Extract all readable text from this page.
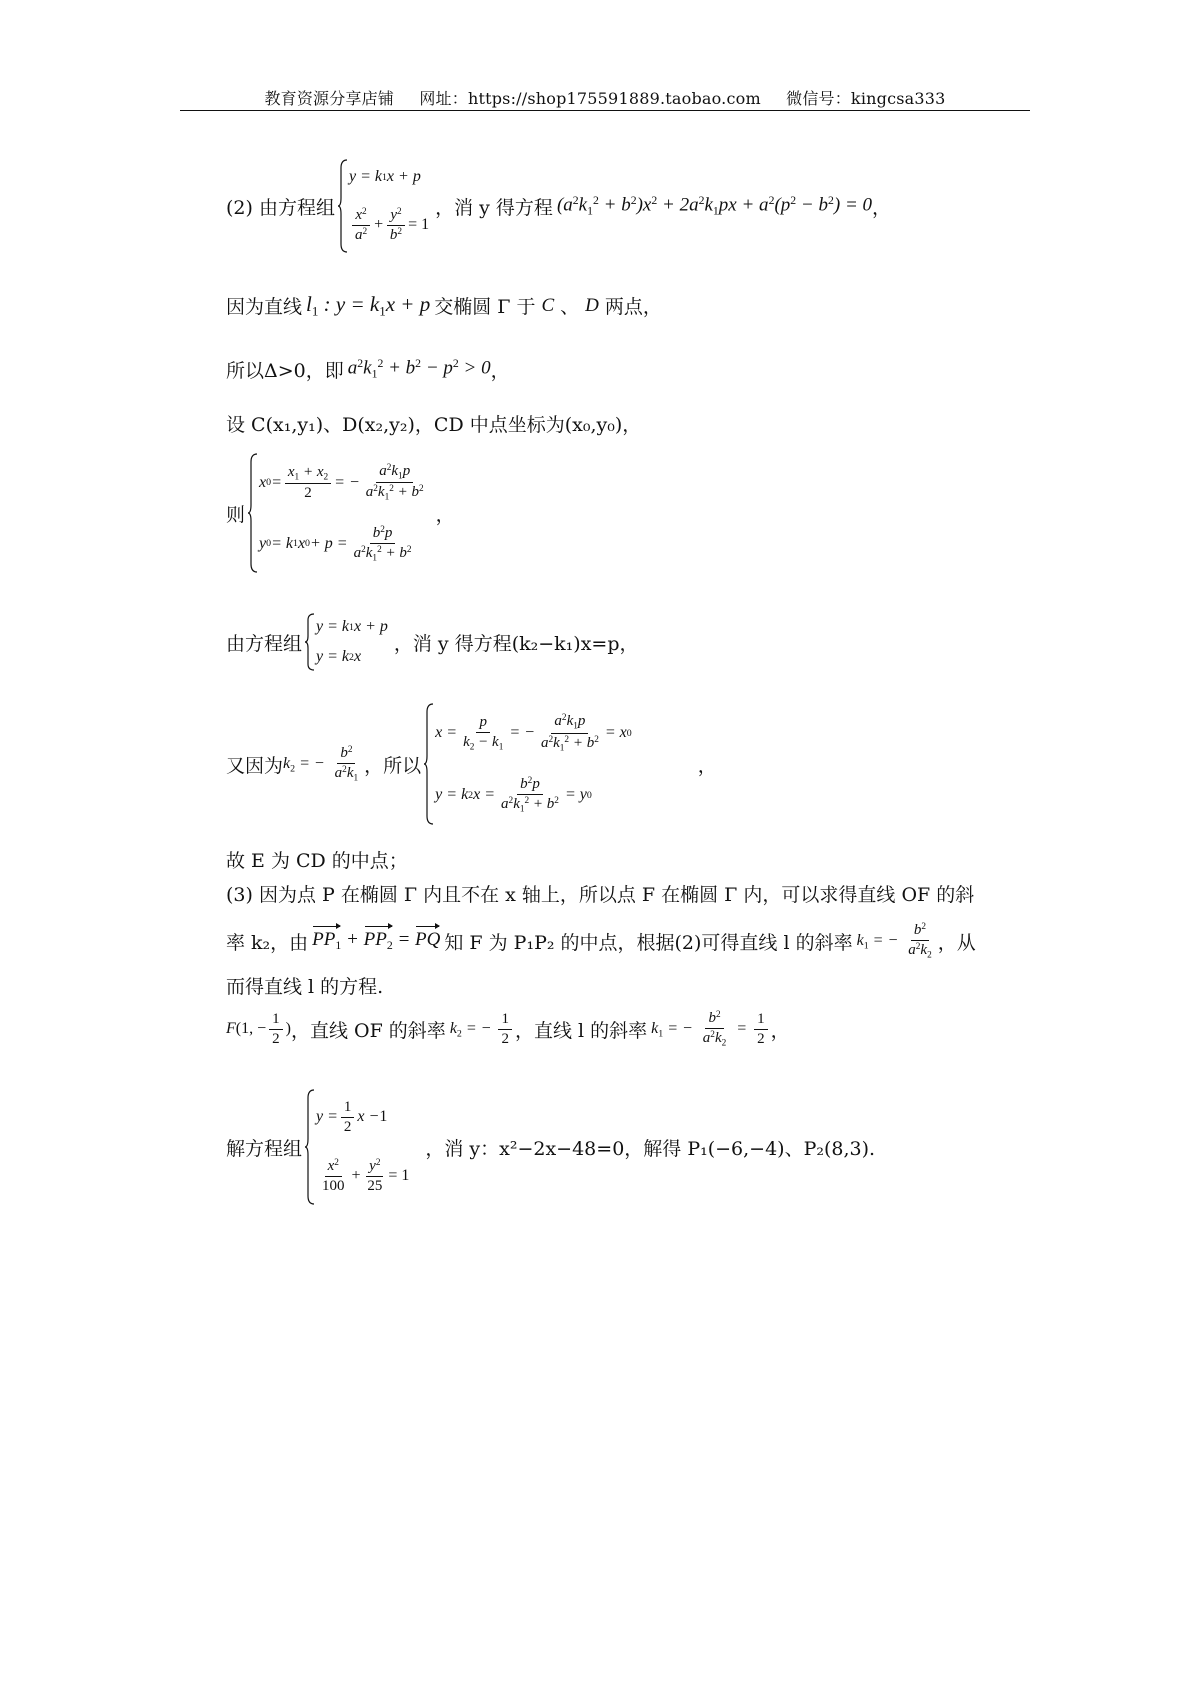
教育资源分享店铺 网址：https://shop175591889.taobao.com 微信号：kingcsa333
(2) 由方程组
y = k 1 x + p
$\frac{x^2}{a^2} + \frac{y^2}{b^2} = 1$
，消 y 得方程 $(a^2k_1^2 + b^2)x^2 + 2a^2k_1px + a^2(p^2 - b^2) = 0$ ，
因为直线 $l_1$ : $y = k_1x + p$ 交椭圆 Γ 于 C 、 D 两点，
所以Δ>0，即 $a^2k_1^2 + b^2 - p^2 > 0$ ，
设 C(x₁,y₁)、D(x₂,y₂)，CD 中点坐标为(x₀,y₀)，
则
x $0 = \frac{x_1 + x_2}{2}$ = − $\frac{a^2k_1p}{a^2k_1^2 + b^2}$
y 0 = k 1 x $0 + p = \frac{b^2p}{a^2k_1^2 + b^2}$
，
由方程组
y = k 1 x + p
y = k 2 x
，消 y 得方程(k₂−k₁)x=p，
又因为 $k_2$ = − $\frac{b^2}{a^2k_1}$ ，所以
$x = \frac{p}{k_2 - k_1}$ = − $\frac{a^2k_1p}{a^2k_1^2 + b^2} = x$ 0
y = k 2 $x = \frac{b^2p}{a^2k_1^2 + b^2} = y$ 0
，
故 E 为 CD 的中点；
(3) 因为点 P 在椭圆 Γ 内且不在 x 轴上，所以点 F 在椭圆 Γ 内，可以求得直线 OF 的斜
率 k₂，由 $PP_1 + PP_2$ = PQ 知 F 为 P₁P₂ 的中点，根据(2)可得直线 l 的斜率 $k_1$ = − $\frac{b^2}{a^2k_2}$ ，从
而得直线 l 的方程.
F(1, − $\frac{1}{2}$ ) ，直线 OF 的斜率 $k_2$ = − $\frac{1}{2}$ ，直线 l 的斜率 $k_1$ = − $\frac{b^2}{a^2k_2} = \frac{1}{2}$ ，
解方程组
$y = \frac{1}{2}$ x − 1
$\frac{x^2}{100} + \frac{y^2}{25} = 1$
，消 y：x²−2x−48=0，解得 P₁(−6,−4)、P₂(8,3).
